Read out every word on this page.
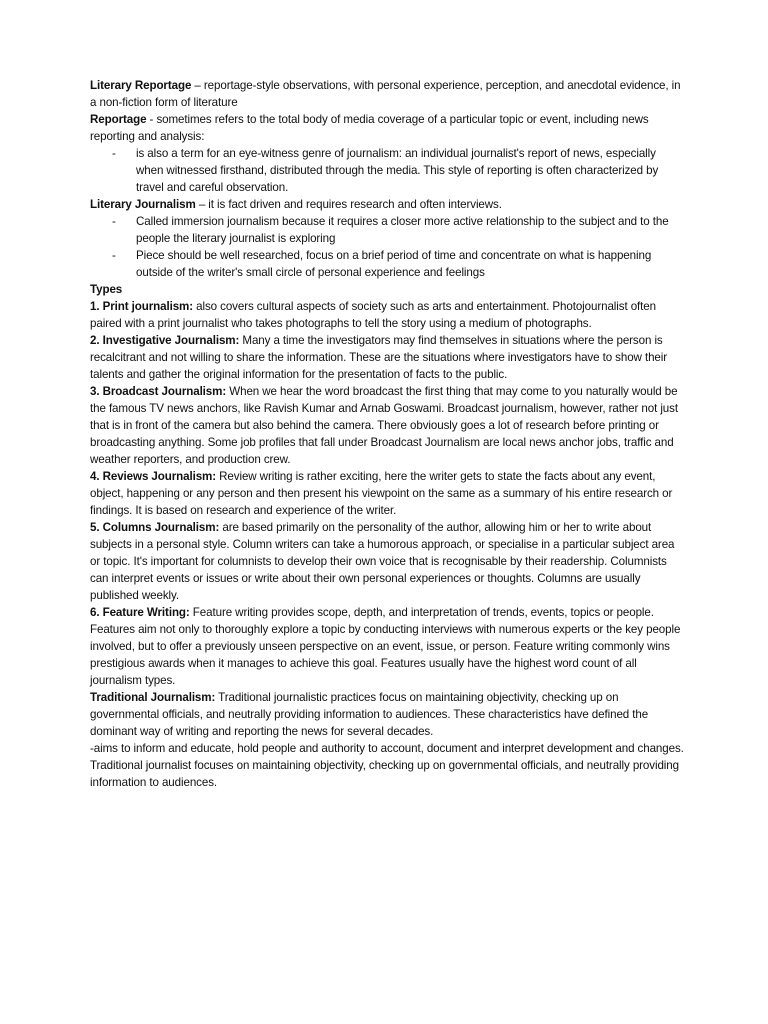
Literary Reportage – reportage-style observations, with personal experience, perception, and anecdotal evidence, in a non-fiction form of literature

Reportage - sometimes refers to the total body of media coverage of a particular topic or event, including news reporting and analysis:

- is also a term for an eye-witness genre of journalism: an individual journalist's report of news, especially when witnessed firsthand, distributed through the media. This style of reporting is often characterized by travel and careful observation.

Literary Journalism – it is fact driven and requires research and often interviews.

- Called immersion journalism because it requires a closer more active relationship to the subject and to the people the literary journalist is exploring
- Piece should be well researched, focus on a brief period of time and concentrate on what is happening outside of the writer's small circle of personal experience and feelings

Types

1. Print journalism: also covers cultural aspects of society such as arts and entertainment. Photojournalist often paired with a print journalist who takes photographs to tell the story using a medium of photographs.

2. Investigative Journalism: Many a time the investigators may find themselves in situations where the person is recalcitrant and not willing to share the information. These are the situations where investigators have to show their talents and gather the original information for the presentation of facts to the public.

3. Broadcast Journalism: When we hear the word broadcast the first thing that may come to you naturally would be the famous TV news anchors, like Ravish Kumar and Arnab Goswami. Broadcast journalism, however, rather not just that is in front of the camera but also behind the camera. There obviously goes a lot of research before printing or broadcasting anything. Some job profiles that fall under Broadcast Journalism are local news anchor jobs, traffic and weather reporters, and production crew.

4. Reviews Journalism: Review writing is rather exciting, here the writer gets to state the facts about any event, object, happening or any person and then present his viewpoint on the same as a summary of his entire research or findings. It is based on research and experience of the writer.

5. Columns Journalism: are based primarily on the personality of the author, allowing him or her to write about subjects in a personal style. Column writers can take a humorous approach, or specialise in a particular subject area or topic. It's important for columnists to develop their own voice that is recognisable by their readership. Columnists can interpret events or issues or write about their own personal experiences or thoughts. Columns are usually published weekly.

6. Feature Writing: Feature writing provides scope, depth, and interpretation of trends, events, topics or people. Features aim not only to thoroughly explore a topic by conducting interviews with numerous experts or the key people involved, but to offer a previously unseen perspective on an event, issue, or person. Feature writing commonly wins prestigious awards when it manages to achieve this goal. Features usually have the highest word count of all journalism types.

Traditional Journalism: Traditional journalistic practices focus on maintaining objectivity, checking up on governmental officials, and neutrally providing information to audiences. These characteristics have defined the dominant way of writing and reporting the news for several decades.

-aims to inform and educate, hold people and authority to account, document and interpret development and changes. Traditional journalist focuses on maintaining objectivity, checking up on governmental officials, and neutrally providing information to audiences.
